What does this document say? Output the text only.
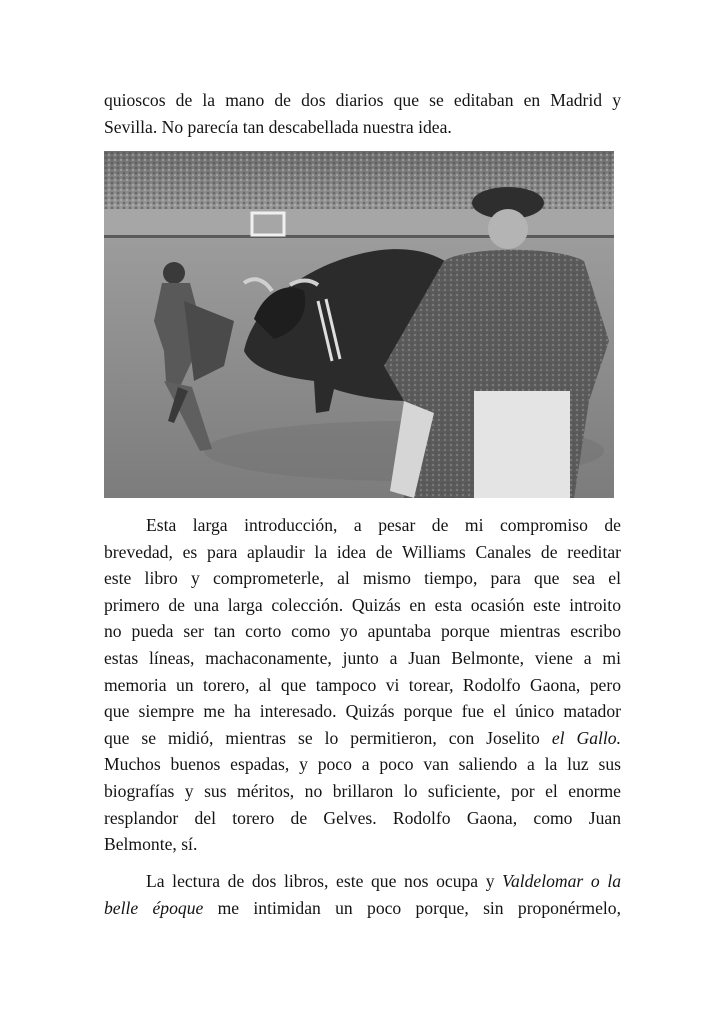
quioscos de la mano de dos diarios que se editaban en Madrid y
Sevilla. No parecía tan descabellada nuestra idea.
Esta larga introducción, a pesar de mi compromiso de
brevedad, es para aplaudir la idea de Williams Canales de reeditar
este libro y comprometerle, al mismo tiempo, para que sea el
primero de una larga colección. Quizás en esta ocasión este introito
no pueda ser tan corto como yo apuntaba porque mientras escribo
estas líneas, machaconamente, junto a Juan Belmonte, viene a mi
memoria un torero, al que tampoco vi torear, Rodolfo Gaona, pero
que siempre me ha interesado. Quizás porque fue el único matador
que se midió, mientras se lo permitieron, con Joselito el Gallo.
Muchos buenos espadas, y poco a poco van saliendo a la luz sus
biografías y sus méritos, no brillaron lo suficiente, por el enorme
resplandor del torero de Gelves. Rodolfo Gaona, como Juan
Belmonte, sí.
La lectura de dos libros, este que nos ocupa y Valdelomar o la
belle époque me intimidan un poco porque, sin proponérmelo,
